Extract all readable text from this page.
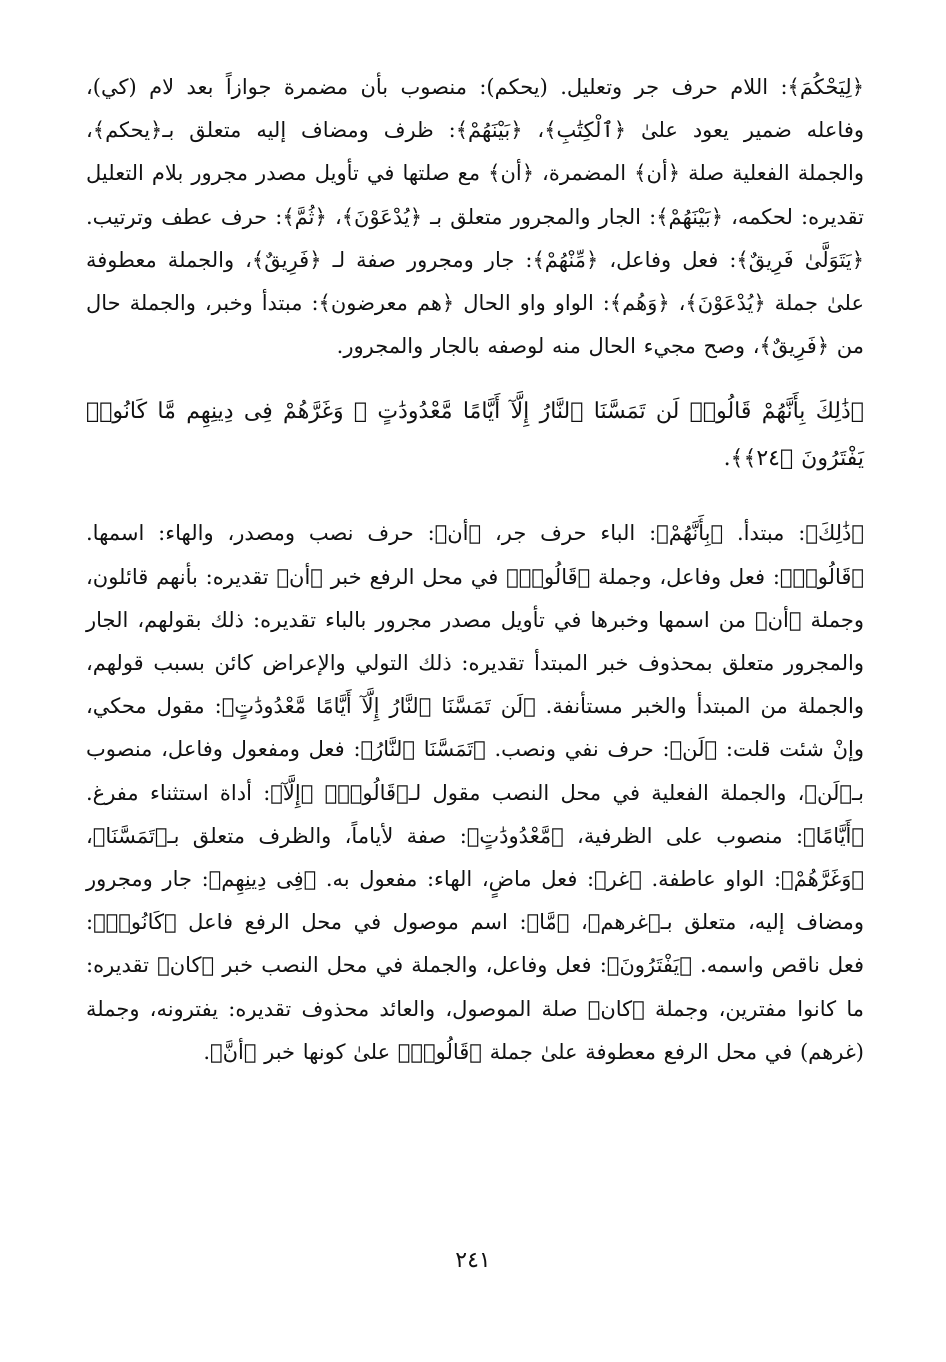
﴿لِيَحْكُمَ﴾: اللام حرف جر وتعليل. (يحكم): منصوب بأن مضمرة جوازاً بعد لام (كي)، وفاعله ضمير يعود علىٰ ﴿ٱلْكِتَٰبِ﴾، ﴿بَيْنَهُمْ﴾: ظرف ومضاف إليه متعلق بـ﴿يحكم﴾، والجملة الفعلية صلة ﴿أن﴾ المضمرة، ﴿أن﴾ مع صلتها في تأويل مصدر مجرور بلام التعليل تقديره: لحكمه، ﴿بَيْنَهُمْ﴾: الجار والمجرور متعلق بـ ﴿يُدْعَوْنَ﴾، ﴿ثُمَّ﴾: حرف عطف وترتيب. ﴿يَتَوَلَّىٰ فَرِيقٌ﴾: فعل وفاعل، ﴿مِّنْهُمْ﴾: جار ومجرور صفة لـ ﴿فَرِيقٌ﴾، والجملة معطوفة علىٰ جملة ﴿يُدْعَوْنَ﴾، ﴿وَهُم﴾: الواو واو الحال ﴿هم معرضون﴾: مبتدأ وخبر، والجملة حال من ﴿فَرِيقٌ﴾، وصح مجيء الحال منه لوصفه بالجار والمجرور.

﴿ذَٰلِكَ بِأَنَّهُمْ قَالُوا۟ لَن تَمَسَّنَا ٱلنَّارُ إِلَّآ أَيَّامًا مَّعْدُودَٰتٍ ۖ وَغَرَّهُمْ فِى دِينِهِم مَّا كَانُوا۟ يَفْتَرُونَ ﴿٢٤﴾﴾.

﴿ذَٰلِكَ﴾: مبتدأ. ﴿بِأَنَّهُمْ﴾: الباء حرف جر، ﴿أن﴾: حرف نصب ومصدر، والهاء: اسمها. ﴿قَالُوا۟﴾: فعل وفاعل، وجملة ﴿قَالُوا۟﴾ في محل الرفع خبر ﴿أن﴾ تقديره: بأنهم قائلون، وجملة ﴿أن﴾ من اسمها وخبرها في تأويل مصدر مجرور بالباء تقديره: ذلك بقولهم، الجار والمجرور متعلق بمحذوف خبر المبتدأ تقديره: ذلك التولي والإعراض كائن بسبب قولهم، والجملة من المبتدأ والخبر مستأنفة. ﴿لَن تَمَسَّنَا ٱلنَّارُ إِلَّآ أَيَّامًا مَّعْدُودَٰتٍ﴾: مقول محكي، وإنْ شئت قلت: ﴿لَن﴾: حرف نفي ونصب. ﴿تَمَسَّنَا ٱلنَّارُ﴾: فعل ومفعول وفاعل، منصوب بـ﴿لَن﴾، والجملة الفعلية في محل النصب مقول لـ﴿قَالُوا۟﴾ ﴿إِلَّآ﴾: أداة استثناء مفرغ. ﴿أَيَّامًا﴾: منصوب على الظرفية، ﴿مَّعْدُودَٰتٍ﴾: صفة لأياماً، والظرف متعلق بـ﴿تَمَسَّنَا﴾، ﴿وَغَرَّهُمْ﴾: الواو عاطفة. ﴿غر﴾: فعل ماضٍ، الهاء: مفعول به. ﴿فِى دِينِهِم﴾: جار ومجرور ومضاف إليه، متعلق بـ﴿غرهم﴾، ﴿مَّا﴾: اسم موصول في محل الرفع فاعل ﴿كَانُوا۟﴾: فعل ناقص واسمه. ﴿يَفْتَرُونَ﴾: فعل وفاعل، والجملة في محل النصب خبر ﴿كان﴾ تقديره: ما كانوا مفترين، وجملة ﴿كان﴾ صلة الموصول، والعائد محذوف تقديره: يفترونه، وجملة (غرهم) في محل الرفع معطوفة علىٰ جملة ﴿قَالُوا۟﴾ علىٰ كونها خبر ﴿أنَّ﴾.

٢٤١
